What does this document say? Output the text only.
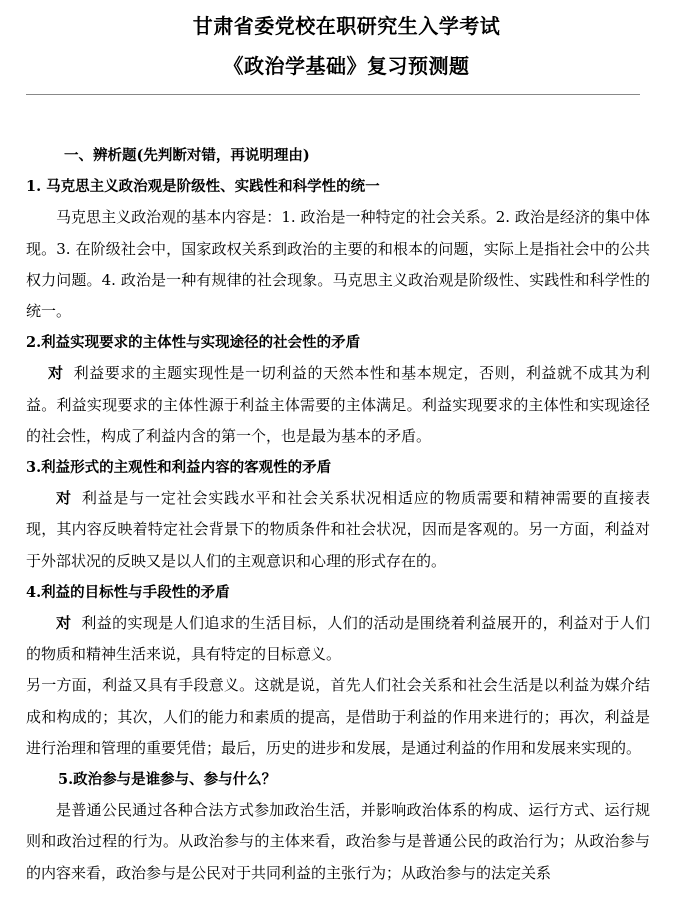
甘肃省委党校在职研究生入学考试
《政治学基础》复习预测题

一、辨析题(先判断对错，再说明理由)

1. 马克思主义政治观是阶级性、实践性和科学性的统一

马克思主义政治观的基本内容是：1. 政治是一种特定的社会关系。2. 政治是经济的集中体现。3. 在阶级社会中，国家政权关系到政治的主要的和根本的问题，实际上是指社会中的公共权力问题。4. 政治是一种有规律的社会现象。马克思主义政治观是阶级性、实践性和科学性的统一。

2.利益实现要求的主体性与实现途径的社会性的矛盾

对 利益要求的主题实现性是一切利益的天然本性和基本规定，否则，利益就不成其为利益。利益实现要求的主体性源于利益主体需要的主体满足。利益实现要求的主体性和实现途径的社会性，构成了利益内含的第一个，也是最为基本的矛盾。

3.利益形式的主观性和利益内容的客观性的矛盾

对 利益是与一定社会实践水平和社会关系状况相适应的物质需要和精神需要的直接表现，其内容反映着特定社会背景下的物质条件和社会状况，因而是客观的。另一方面，利益对于外部状况的反映又是以人们的主观意识和心理的形式存在的。

4.利益的目标性与手段性的矛盾

对 利益的实现是人们追求的生活目标，人们的活动是围绕着利益展开的，利益对于人们的物质和精神生活来说，具有特定的目标意义。

另一方面，利益又具有手段意义。这就是说，首先人们社会关系和社会生活是以利益为媒介结成和构成的；其次，人们的能力和素质的提高，是借助于利益的作用来进行的；再次，利益是进行治理和管理的重要凭借；最后，历史的进步和发展，是通过利益的作用和发展来实现的。

5.政治参与是谁参与、参与什么？

是普通公民通过各种合法方式参加政治生活，并影响政治体系的构成、运行方式、运行规则和政治过程的行为。从政治参与的主体来看，政治参与是普通公民的政治行为；从政治参与的内容来看，政治参与是公民对于共同利益的主张行为；从政治参与的法定关系
